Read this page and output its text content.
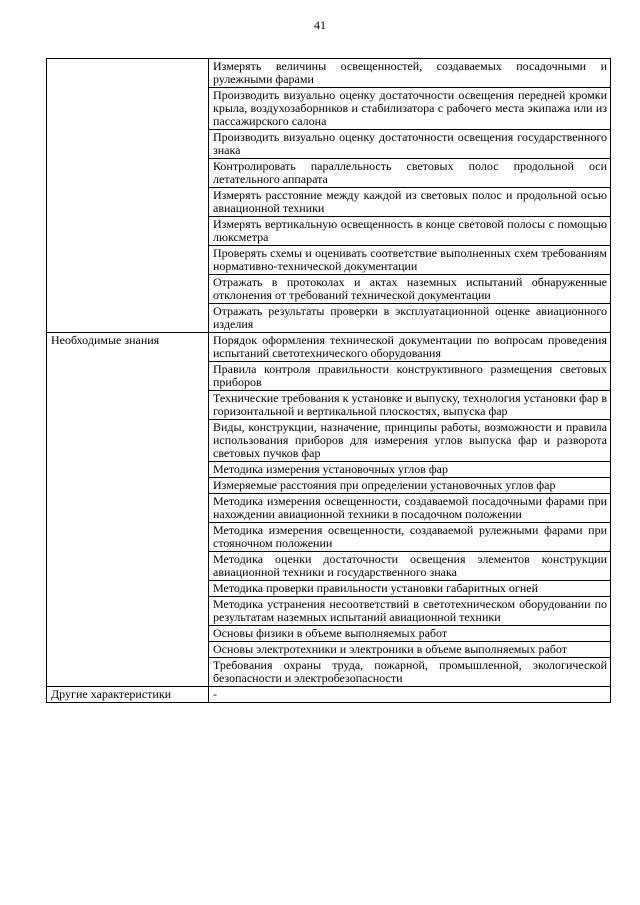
41
	Измерять величины освещенностей, создаваемых посадочными и рулежными фарами
	Производить визуально оценку достаточности освещения передней кромки крыла, воздухозаборников и стабилизатора с рабочего места экипажа или из пассажирского салона
	Производить визуально оценку достаточности освещения государственного знака
	Контролировать параллельность световых полос продольной оси летательного аппарата
	Измерять расстояние между каждой из световых полос и продольной осью авиационной техники
	Измерять вертикальную освещенность в конце световой полосы с помощью люксметра
	Проверять схемы и оценивать соответствие выполненных схем требованиям нормативно-технической документации
	Отражать в протоколах и актах наземных испытаний обнаруженные отклонения от требований технической документации
	Отражать результаты проверки в эксплуатационной оценке авиационного изделия
Необходимые знания	Порядок оформления технической документации по вопросам проведения испытаний светотехнического оборудования
	Правила контроля правильности конструктивного размещения световых приборов
	Технические требования к установке и выпуску, технология установки фар в горизонтальной и вертикальной плоскостях, выпуска фар
	Виды, конструкции, назначение, принципы работы, возможности и правила использования приборов для измерения углов выпуска фар и разворота световых пучков фар
	Методика измерения установочных углов фар
	Измеряемые расстояния при определении установочных углов фар
	Методика измерения освещенности, создаваемой посадочными фарами при нахождении авиационной техники в посадочном положении
	Методика измерения освещенности, создаваемой рулежными фарами при стояночном положении
	Методика оценки достаточности освещения элементов конструкции авиационной техники и государственного знака
	Методика проверки правильности установки габаритных огней
	Методика устранения несоответствий в светотехническом оборудовании по результатам наземных испытаний авиационной техники
	Основы физики в объеме выполняемых работ
	Основы электротехники и электроники в объеме выполняемых работ
	Требования охраны труда, пожарной, промышленной, экологической безопасности и электробезопасности
Другие характеристики	-
